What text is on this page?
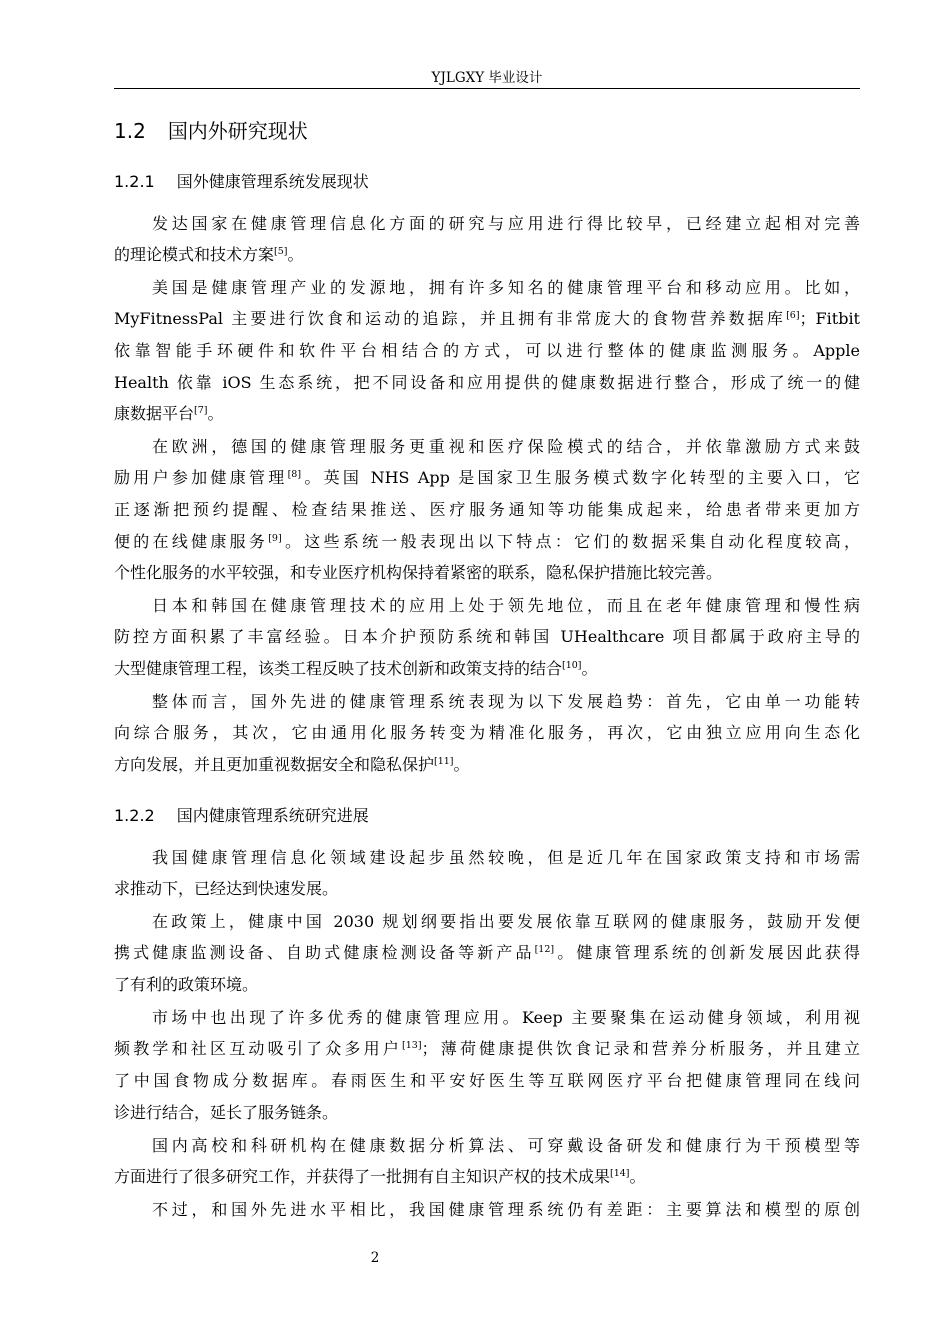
YJLGXY 毕业设计
1.2 国内外研究现状
1.2.1 国外健康管理系统发展现状
发达国家在健康管理信息化方面的研究与应用进行得比较早，已经建立起相对完善
的理论模式和技术方案[5]。
美国是健康管理产业的发源地，拥有许多知名的健康管理平台和移动应用。比如，
MyFitnessPal 主要进行饮食和运动的追踪，并且拥有非常庞大的食物营养数据库[6]；Fitbit
依靠智能手环硬件和软件平台相结合的方式，可以进行整体的健康监测服务。Apple
Health 依靠 iOS 生态系统，把不同设备和应用提供的健康数据进行整合，形成了统一的健
康数据平台[7]。
在欧洲，德国的健康管理服务更重视和医疗保险模式的结合，并依靠激励方式来鼓
励用户参加健康管理[8]。英国 NHS App 是国家卫生服务模式数字化转型的主要入口，它
正逐渐把预约提醒、检查结果推送、医疗服务通知等功能集成起来，给患者带来更加方
便的在线健康服务[9]。这些系统一般表现出以下特点：它们的数据采集自动化程度较高，
个性化服务的水平较强，和专业医疗机构保持着紧密的联系，隐私保护措施比较完善。
日本和韩国在健康管理技术的应用上处于领先地位，而且在老年健康管理和慢性病
防控方面积累了丰富经验。日本介护预防系统和韩国 UHealthcare 项目都属于政府主导的
大型健康管理工程，该类工程反映了技术创新和政策支持的结合[10]。
整体而言，国外先进的健康管理系统表现为以下发展趋势：首先，它由单一功能转
向综合服务，其次，它由通用化服务转变为精准化服务，再次，它由独立应用向生态化
方向发展，并且更加重视数据安全和隐私保护[11]。
1.2.2 国内健康管理系统研究进展
我国健康管理信息化领域建设起步虽然较晚，但是近几年在国家政策支持和市场需
求推动下，已经达到快速发展。
在政策上，健康中国 2030 规划纲要指出要发展依靠互联网的健康服务，鼓励开发便
携式健康监测设备、自助式健康检测设备等新产品[12]。健康管理系统的创新发展因此获得
了有利的政策环境。
市场中也出现了许多优秀的健康管理应用。Keep 主要聚集在运动健身领域，利用视
频教学和社区互动吸引了众多用户[13]；薄荷健康提供饮食记录和营养分析服务，并且建立
了中国食物成分数据库。春雨医生和平安好医生等互联网医疗平台把健康管理同在线问
诊进行结合，延长了服务链条。
国内高校和科研机构在健康数据分析算法、可穿戴设备研发和健康行为干预模型等
方面进行了很多研究工作，并获得了一批拥有自主知识产权的技术成果[14]。
不过，和国外先进水平相比，我国健康管理系统仍有差距：主要算法和模型的原创
2
